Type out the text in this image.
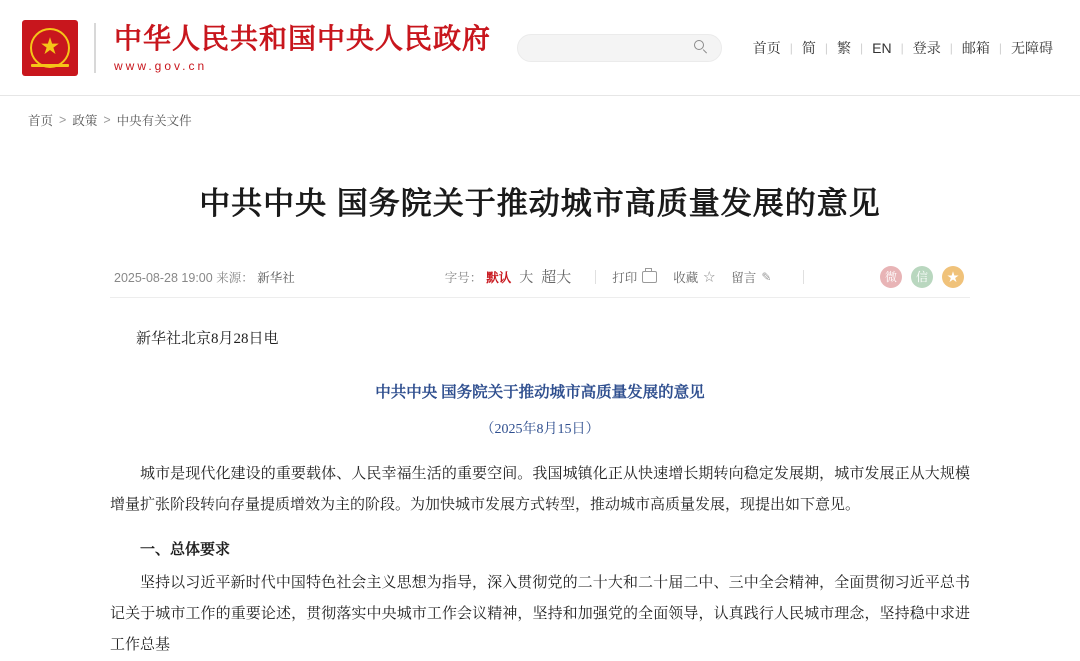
★ 中华人民共和国中央人民政府
www.gov.cn
首页 | 简 | 繁 | EN | 登录 | 邮箱 | 无障碍
首页 > 政策 > 中央有关文件
中共中央 国务院关于推动城市高质量发展的意见
2025-08-28 19:00 来源： 新华社	字号： 默认 大 超大	打印	收藏 ☆ 留言 ✎	微	信	★

新华社北京8月28日电

中共中央 国务院关于推动城市高质量发展的意见

（2025年8月15日）

城市是现代化建设的重要载体、人民幸福生活的重要空间。我国城镇化正从快速增长期转向稳定发展期，城市发展正从大规模增量扩张阶段转向存量提质增效为主的阶段。为加快城市发展方式转型，推动城市高质量发展，现提出如下意见。

一、总体要求

坚持以习近平新时代中国特色社会主义思想为指导，深入贯彻党的二十大和二十届二中、三中全会精神，全面贯彻习近平总书记关于城市工作的重要论述，贯彻落实中央城市工作会议精神，坚持和加强党的全面领导，认真践行人民城市理念，坚持稳中求进工作总基
